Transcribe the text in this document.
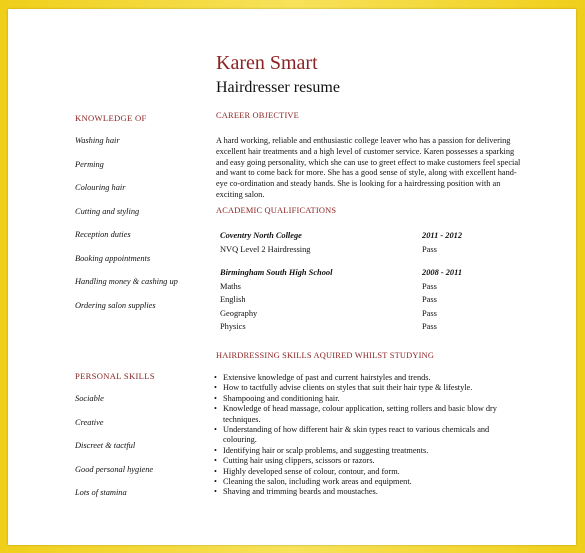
Karen Smart
Hairdresser resume
KNOWLEDGE OF
Washing hair
Perming
Colouring hair
Cutting and styling
Reception duties
Booking appointments
Handling money & cashing up
Ordering salon supplies
PERSONAL SKILLS
Sociable
Creative
Discreet & tactful
Good personal hygiene
Lots of stamina
CAREER OBJECTIVE

A hard working, reliable and enthusiastic college leaver who has a passion for delivering excellent hair treatments and a high level of customer service. Karen possesses a sparking and easy going personality, which she can use to greet effect to make customers feel special and want to come back for more. She has a good sense of style, along with excellent hand-eye co-ordination and steady hands. She is looking for a hairdressing position with an exciting salon.

ACADEMIC QUALIFICATIONS
Coventry North College	2011 - 2012
NVQ Level 2 Hairdressing	Pass

Birmingham South High School	2008 - 2011
Maths	Pass
English	Pass
Geography	Pass
Physics	Pass
HAIRDRESSING SKILLS AQUIRED WHILST STUDYING
• Extensive knowledge of past and current hairstyles and trends.
• How to tactfully advise clients on styles that suit their hair type & lifestyle.
• Shampooing and conditioning hair.
• Knowledge of head massage, colour application, setting rollers and basic blow dry techniques.
• Understanding of how different hair & skin types react to various chemicals and colouring.
• Identifying hair or scalp problems, and suggesting treatments.
• Cutting hair using clippers, scissors or razors.
• Highly developed sense of colour, contour, and form.
• Cleaning the salon, including work areas and equipment.
• Shaving and trimming beards and moustaches.
